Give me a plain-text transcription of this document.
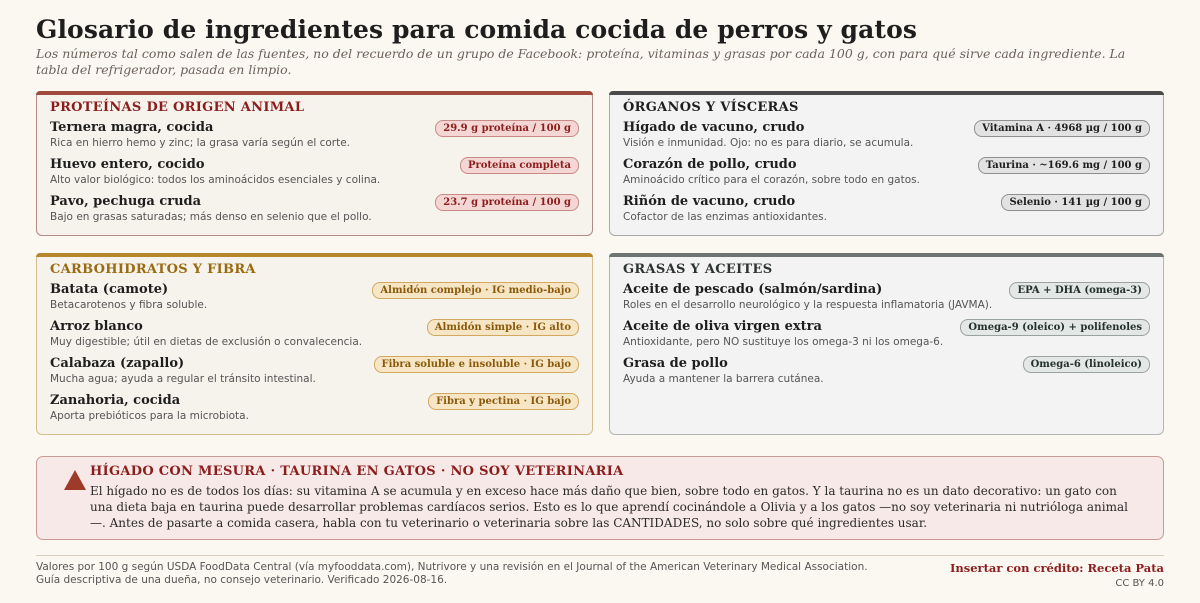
Glosario de ingredientes para comida cocida de perros y gatos

Los números tal como salen de las fuentes, no del recuerdo de un grupo de Facebook: proteína, vitaminas y grasas por cada 100 g, con para qué sirve cada ingrediente. La tabla del refrigerador, pasada en limpio.

PROTEÍNAS DE ORIGEN ANIMAL
Ternera magra, cocida
Rica en hierro hemo y zinc; la grasa varía según el corte.
29.9 g proteína / 100 g
Huevo entero, cocido
Alto valor biológico: todos los aminoácidos esenciales y colina.
Proteína completa
Pavo, pechuga cruda
Bajo en grasas saturadas; más denso en selenio que el pollo.
23.7 g proteína / 100 g
ÓRGANOS Y VÍSCERAS
Hígado de vacuno, crudo
Visión e inmunidad. Ojo: no es para diario, se acumula.
Vitamina A · 4968 µg / 100 g
Corazón de pollo, crudo
Aminoácido crítico para el corazón, sobre todo en gatos.
Taurina · ~169.6 mg / 100 g
Riñón de vacuno, crudo
Cofactor de las enzimas antioxidantes.
Selenio · 141 µg / 100 g
CARBOHIDRATOS Y FIBRA
Batata (camote)
Betacarotenos y fibra soluble.
Almidón complejo · IG medio-bajo
Arroz blanco
Muy digestible; útil en dietas de exclusión o convalecencia.
Almidón simple · IG alto
Calabaza (zapallo)
Mucha agua; ayuda a regular el tránsito intestinal.
Fibra soluble e insoluble · IG bajo
Zanahoria, cocida
Aporta prebióticos para la microbiota.
Fibra y pectina · IG bajo
GRASAS Y ACEITES
Aceite de pescado (salmón/sardina)
Roles en el desarrollo neurológico y la respuesta inflamatoria (JAVMA).
EPA + DHA (omega-3)
Aceite de oliva virgen extra
Antioxidante, pero NO sustituye los omega-3 ni los omega-6.
Omega-9 (oleico) + polifenoles
Grasa de pollo
Ayuda a mantener la barrera cutánea.
Omega-6 (linoleico)
HÍGADO CON MESURA · TAURINA EN GATOS · NO SOY VETERINARIA

El hígado no es de todos los días: su vitamina A se acumula y en exceso hace más daño que bien, sobre todo en gatos. Y la taurina no es un dato decorativo: un gato con una dieta baja en taurina puede desarrollar problemas cardíacos serios. Esto es lo que aprendí cocinándole a Olivia y a los gatos —no soy veterinaria ni nutrióloga animal—. Antes de pasarte a comida casera, habla con tu veterinario o veterinaria sobre las CANTIDADES, no solo sobre qué ingredientes usar.

Valores por 100 g según USDA FoodData Central (vía myfooddata.com), Nutrivore y una revisión en el Journal of the American Veterinary Medical Association. Guía descriptiva de una dueña, no consejo veterinario. Verificado 2026-08-16.
Insertar con crédito: Receta Pata
CC BY 4.0
